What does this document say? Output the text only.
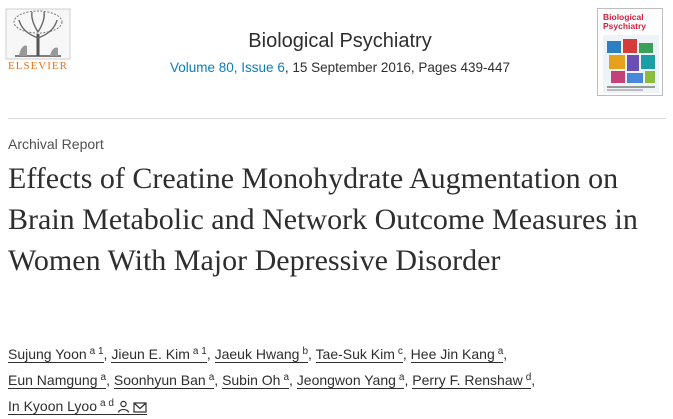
ELSEVIER
Biological Psychiatry
Volume 80, Issue 6, 15 September 2016, Pages 439-447
Biological
Psychiatry
Archival Report
Effects of Creatine Monohydrate Augmentation on Brain Metabolic and Network Outcome Measures in Women With Major Depressive Disorder
Sujung Yoon $^{a 1}$, Jieun E. Kim $^{a 1}$, Jaeuk Hwang $^b$, Tae-Suk Kim $^c$, Hee Jin Kang $^a$,
Eun Namgung $^a$, Soonhyun Ban $^a$, Subin Oh $^a$, Jeongwon Yang $^a$, Perry F. Renshaw $^d$,
In Kyoon Lyoo $^{a d}$
